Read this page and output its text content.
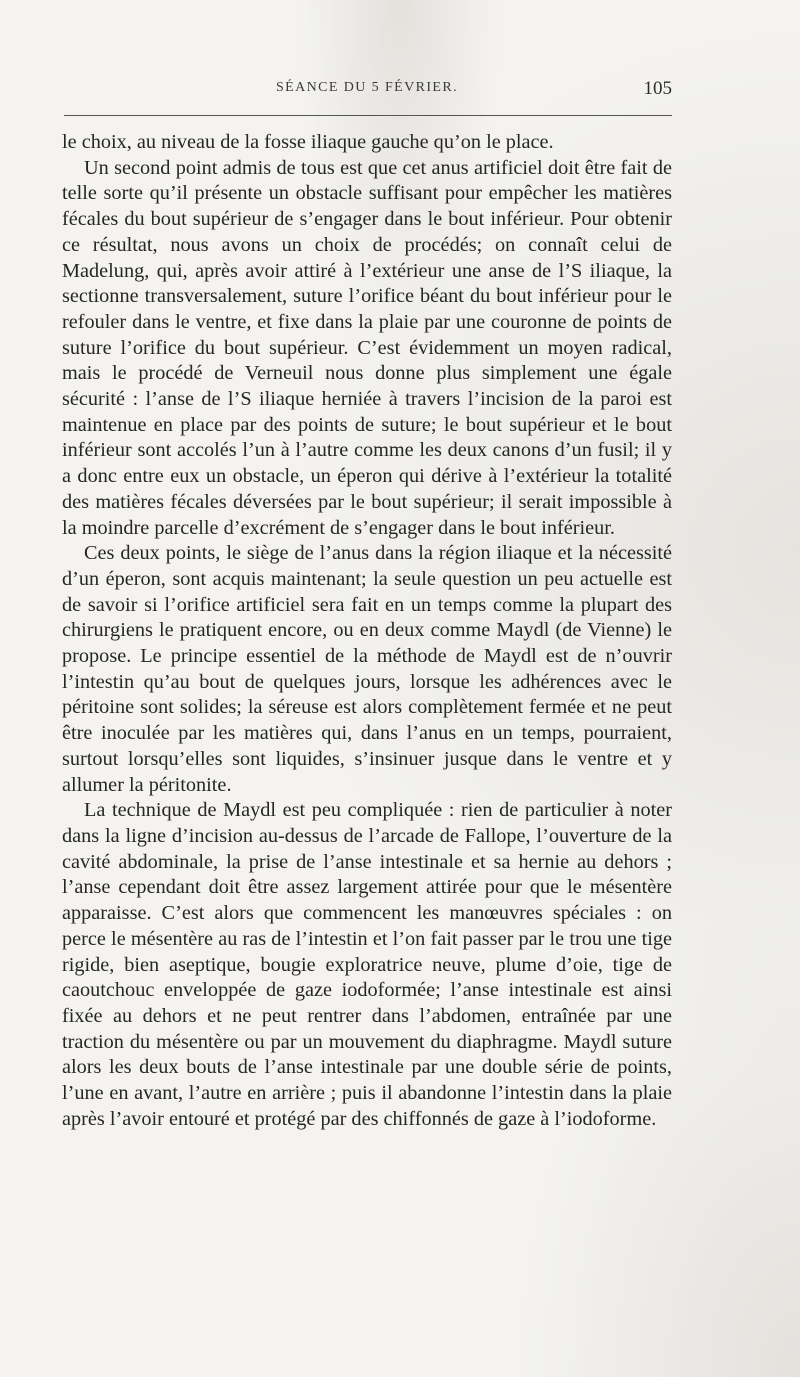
SÉANCE DU 5 FÉVRIER.	105

le choix, au niveau de la fosse iliaque gauche qu’on le place.

Un second point admis de tous est que cet anus artificiel doit être fait de telle sorte qu’il présente un obstacle suffisant pour empêcher les matières fécales du bout supérieur de s’engager dans le bout inférieur. Pour obtenir ce résultat, nous avons un choix de procédés; on connaît celui de Madelung, qui, après avoir attiré à l’extérieur une anse de l’S iliaque, la sectionne transversalement, suture l’orifice béant du bout inférieur pour le refouler dans le ventre, et fixe dans la plaie par une couronne de points de suture l’orifice du bout supérieur. C’est évidemment un moyen radical, mais le procédé de Verneuil nous donne plus simplement une égale sécurité : l’anse de l’S iliaque herniée à travers l’incision de la paroi est maintenue en place par des points de suture; le bout supérieur et le bout inférieur sont accolés l’un à l’autre comme les deux canons d’un fusil; il y a donc entre eux un obstacle, un éperon qui dérive à l’extérieur la totalité des matières fécales déversées par le bout supérieur; il serait impossible à la moindre parcelle d’excrément de s’engager dans le bout inférieur.

Ces deux points, le siège de l’anus dans la région iliaque et la nécessité d’un éperon, sont acquis maintenant; la seule question un peu actuelle est de savoir si l’orifice artificiel sera fait en un temps comme la plupart des chirurgiens le pratiquent encore, ou en deux comme Maydl (de Vienne) le propose. Le principe essentiel de la méthode de Maydl est de n’ouvrir l’intestin qu’au bout de quelques jours, lorsque les adhérences avec le péritoine sont solides; la séreuse est alors complètement fermée et ne peut être inoculée par les matières qui, dans l’anus en un temps, pourraient, surtout lorsqu’elles sont liquides, s’insinuer jusque dans le ventre et y allumer la péritonite.

La technique de Maydl est peu compliquée : rien de particulier à noter dans la ligne d’incision au-dessus de l’arcade de Fallope, l’ouverture de la cavité abdominale, la prise de l’anse intestinale et sa hernie au dehors ; l’anse cependant doit être assez largement attirée pour que le mésentère apparaisse. C’est alors que commencent les manœuvres spéciales : on perce le mésentère au ras de l’intestin et l’on fait passer par le trou une tige rigide, bien aseptique, bougie exploratrice neuve, plume d’oie, tige de caoutchouc enveloppée de gaze iodoformée; l’anse intestinale est ainsi fixée au dehors et ne peut rentrer dans l’abdomen, entraînée par une traction du mésentère ou par un mouvement du diaphragme. Maydl suture alors les deux bouts de l’anse intestinale par une double série de points, l’une en avant, l’autre en arrière ; puis il abandonne l’intestin dans la plaie après l’avoir entouré et protégé par des chiffonnés de gaze à l’iodoforme.
